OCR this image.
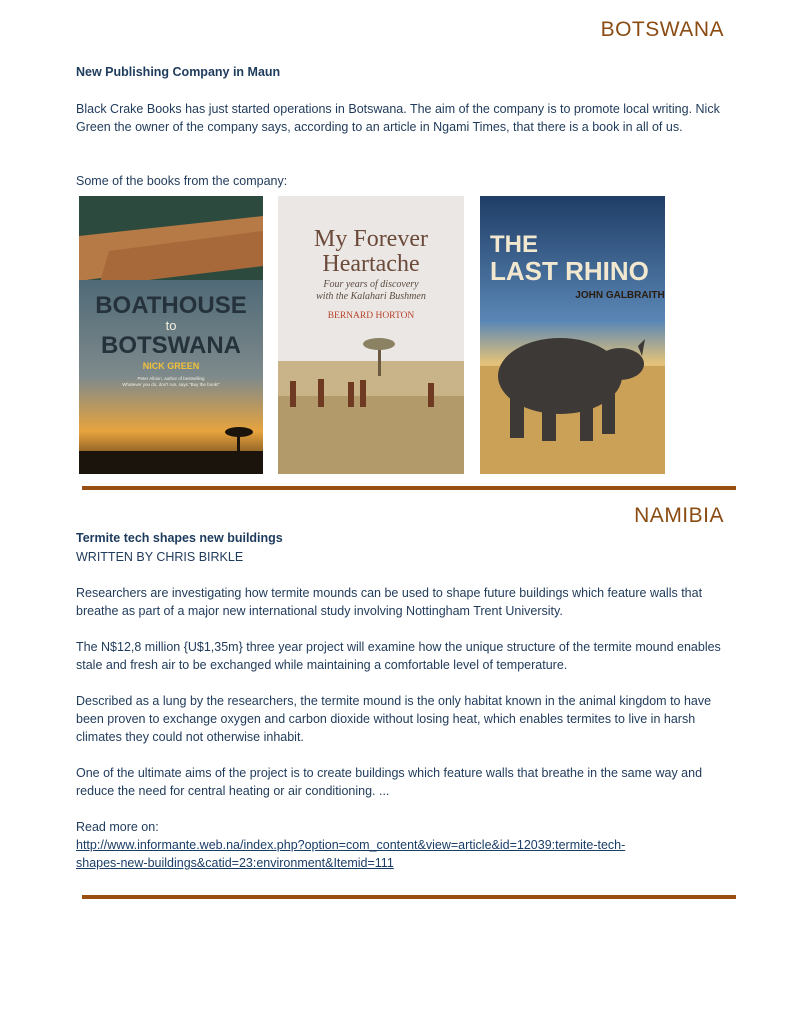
BOTSWANA
New Publishing Company in Maun

Black Crake Books has just started operations in Botswana. The aim of the company is to promote local writing. Nick Green the owner of the company says, according to an article in Ngami Times, that there is a book in all of us.

Some of the books from the company:

BOATHOUSE
to
BOTSWANA
NICK GREEN
Peter Albion, author of bestselling
Whatever you do, don't run, says "Buy the book!"
My Forever
Heartache
Four years of discovery
with the Kalahari Bushmen
BERNARD HORTON
THE
LAST RHINO
JOHN GALBRAITH
NAMIBIA
Termite tech shapes new buildings
WRITTEN BY CHRIS BIRKLE

Researchers are investigating how termite mounds can be used to shape future buildings which feature walls that breathe as part of a major new international study involving Nottingham Trent University.

The N$12,8 million {U$1,35m} three year project will examine how the unique structure of the termite mound enables stale and fresh air to be exchanged while maintaining a comfortable level of temperature.

Described as a lung by the researchers, the termite mound is the only habitat known in the animal kingdom to have been proven to exchange oxygen and carbon dioxide without losing heat, which enables termites to live in harsh climates they could not otherwise inhabit.

One of the ultimate aims of the project is to create buildings which feature walls that breathe in the same way and reduce the need for central heating or air conditioning. ...

Read more on:
http://www.informante.web.na/index.php?option=com_content&view=article&id=12039:termite-tech-
shapes-new-buildings&catid=23:environment&Itemid=111
